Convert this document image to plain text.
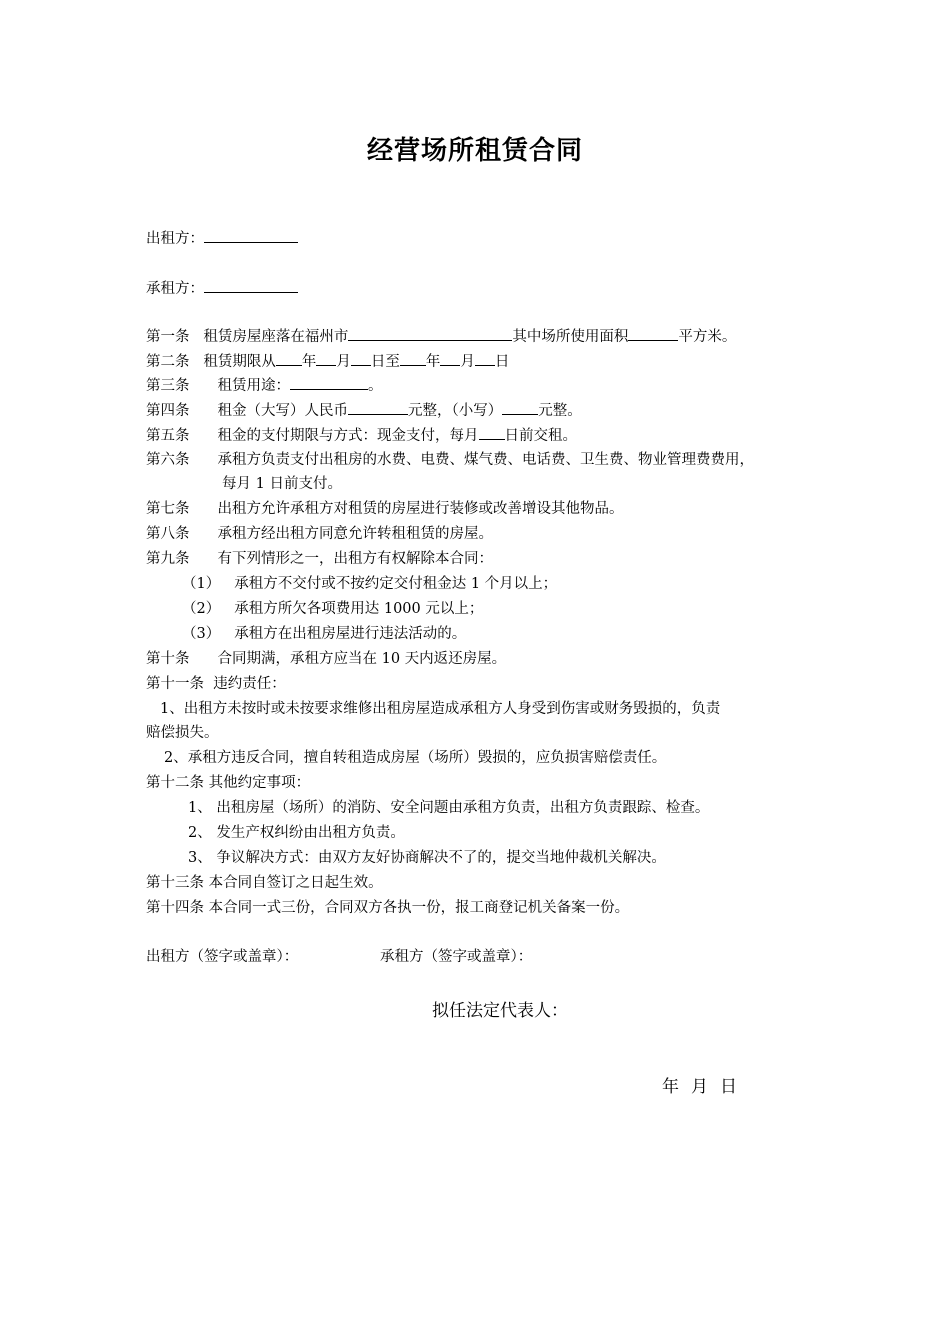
经营场所租赁合同
出租方：
承租方：
第一条 租赁房屋座落在福州市	其中场所使用面积	平方米。
第二条 租赁期限从 年 月 日至 年 月 日
第三条 租赁用途：	。
第四条 租金（大写）人民币	元整，（小写） 元整。
第五条 租金的支付期限与方式：现金支付，每月 日前交租。
第六条 承租方负责支付出租房的水费、电费、煤气费、电话费、卫生费、物业管理费费用，
每月 1 日前支付。
第七条 出租方允许承租方对租赁的房屋进行装修或改善增设其他物品。
第八条 承租方经出租方同意允许转租租赁的房屋。
第九条 有下列情形之一，出租方有权解除本合同：
（1） 承租方不交付或不按约定交付租金达 1 个月以上；
（2） 承租方所欠各项费用达 1000 元以上；
（3） 承租方在出租房屋进行违法活动的。
第十条 合同期满，承租方应当在 10 天内返还房屋。
第十一条 违约责任：
1、出租方未按时或未按要求维修出租房屋造成承租方人身受到伤害或财务毁损的，负责
赔偿损失。
2、承租方违反合同，擅自转租造成房屋（场所）毁损的，应负损害赔偿责任。
第十二条 其他约定事项：
1、 出租房屋（场所）的消防、安全问题由承租方负责，出租方负责跟踪、检查。
2、 发生产权纠纷由出租方负责。
3、 争议解决方式：由双方友好协商解决不了的，提交当地仲裁机关解决。
第十三条 本合同自签订之日起生效。
第十四条 本合同一式三份，合同双方各执一份，报工商登记机关备案一份。
出租方（签字或盖章）：	承租方（签字或盖章）：
拟任法定代表人：
年 月 日
